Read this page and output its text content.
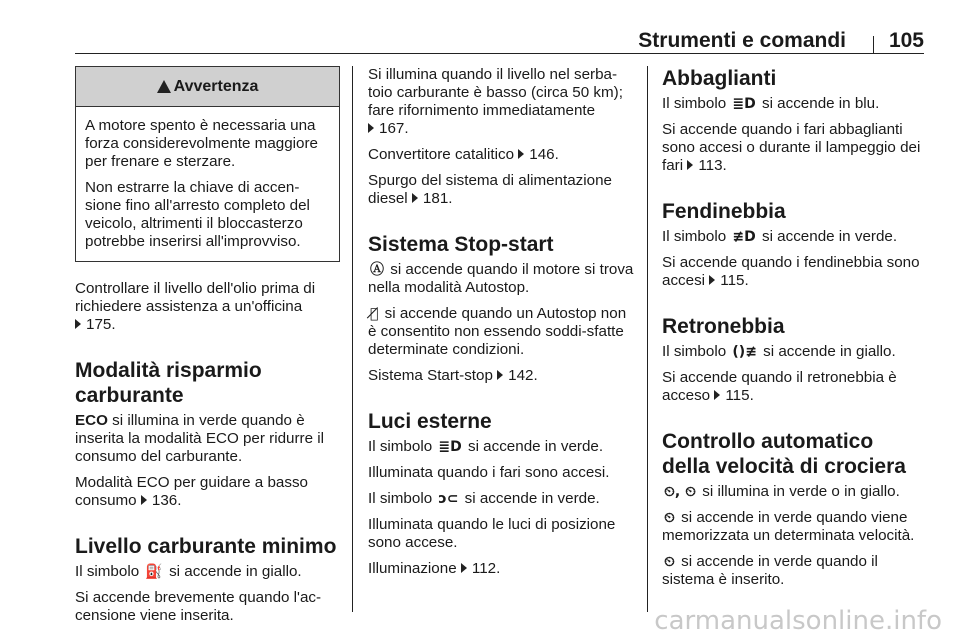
Strumenti e comandi 105
Avvertenza

A motore spento è necessaria una forza considerevolmente maggiore per frenare e sterzare.

Non estrarre la chiave di accen-sione fino all'arresto completo del veicolo, altrimenti il bloccasterzo potrebbe inserirsi all'improvviso.

Controllare il livello dell'olio prima di richiedere assistenza a un'officina
175.

Modalità risparmio carburante

ECO si illumina in verde quando è inserita la modalità ECO per ridurre il consumo del carburante.

Modalità ECO per guidare a basso consumo 136.

Livello carburante minimo

Il simbolo ⛽ si accende in giallo.

Si accende brevemente quando l'ac-censione viene inserita.

Si illumina quando il livello nel serba-toio carburante è basso (circa 50 km); fare rifornimento immediatamente
167.

Convertitore catalitico 146.

Spurgo del sistema di alimentazione diesel 181.

Sistema Stop-start

Ⓐ si accende quando il motore si trova nella modalità Autostop.

Ⓐ̸ si accende quando un Autostop non è consentito non essendo soddi-sfatte determinate condizioni.

Sistema Start-stop 142.

Luci esterne

Il simbolo ≣D si accende in verde.

Illuminata quando i fari sono accesi.

Il simbolo ↄ⊂ si accende in verde.

Illuminata quando le luci di posizione sono accese.

Illuminazione 112.

Abbaglianti

Il simbolo ≣D si accende in blu.

Si accende quando i fari abbaglianti sono accesi o durante il lampeggio dei fari 113.

Fendinebbia

Il simbolo ≢D si accende in verde.

Si accende quando i fendinebbia sono accesi 115.

Retronebbia

Il simbolo ()≢ si accende in giallo.

Si accende quando il retronebbia è acceso 115.

Controllo automatico della velocità di crociera

⏲, ⏲ si illumina in verde o in giallo.

⏲ si accende in verde quando viene memorizzata un determinata velocità.

⏲ si accende in verde quando il sistema è inserito.

carmanualsonline.info
